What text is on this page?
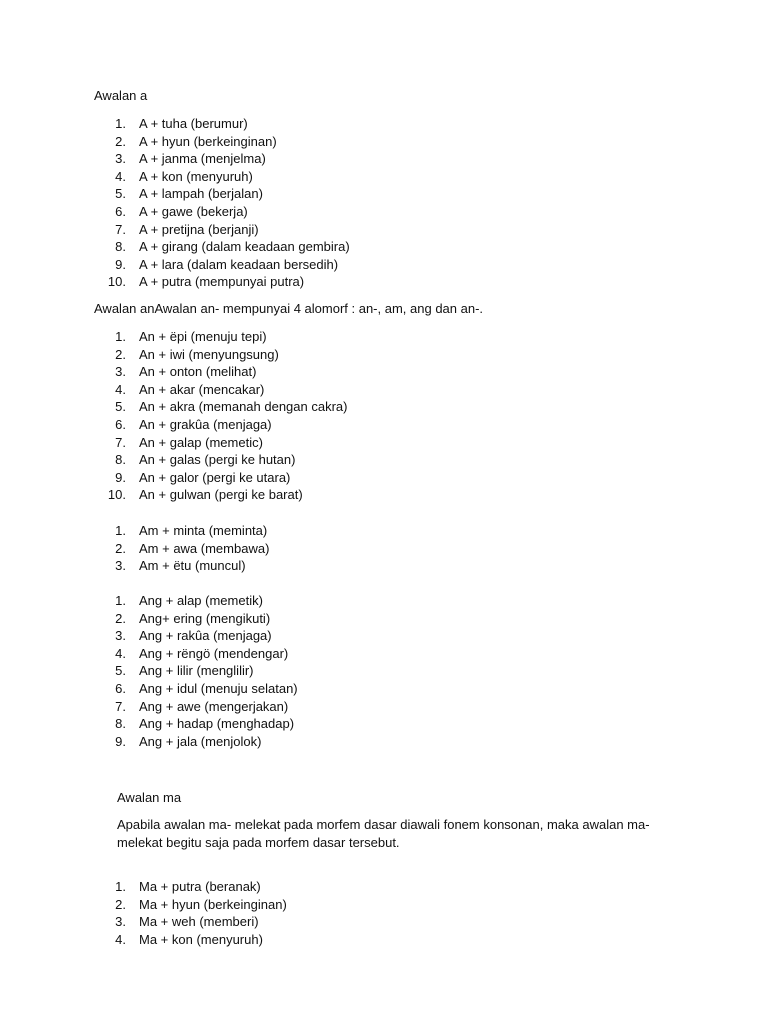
Awalan a

1. A + tuha (berumur)
2. A + hyun (berkeinginan)
3. A + janma (menjelma)
4. A + kon (menyuruh)
5. A + lampah (berjalan)
6. A + gawe (bekerja)
7. A + pretijna (berjanji)
8. A + girang (dalam keadaan gembira)
9. A + lara (dalam keadaan bersedih)
10. A + putra (mempunyai putra)

Awalan anAwalan an- mempunyai 4 alomorf : an-, am, ang dan an-.

1. An + ëpi (menuju tepi)
2. An + iwi (menyungsung)
3. An + onton (melihat)
4. An + akar (mencakar)
5. An + akra (memanah dengan cakra)
6. An + grakûa (menjaga)
7. An + galap (memetic)
8. An + galas (pergi ke hutan)
9. An + galor (pergi ke utara)
10. An + gulwan (pergi ke barat)
1. Am + minta (meminta)
2. Am + awa (membawa)
3. Am + ëtu (muncul)
1. Ang + alap (memetik)
2. Ang+ ering (mengikuti)
3. Ang + rakûa (menjaga)
4. Ang + rëngö (mendengar)
5. Ang + lilir (menglilir)
6. Ang + idul (menuju selatan)
7. Ang + awe (mengerjakan)
8. Ang + hadap (menghadap)
9. Ang + jala (menjolok)

Awalan ma

Apabila awalan ma- melekat pada morfem dasar diawali fonem konsonan, maka awalan ma- melekat begitu saja pada morfem dasar tersebut.

1. Ma + putra (beranak)
2. Ma + hyun (berkeinginan)
3. Ma + weh (memberi)
4. Ma + kon (menyuruh)
